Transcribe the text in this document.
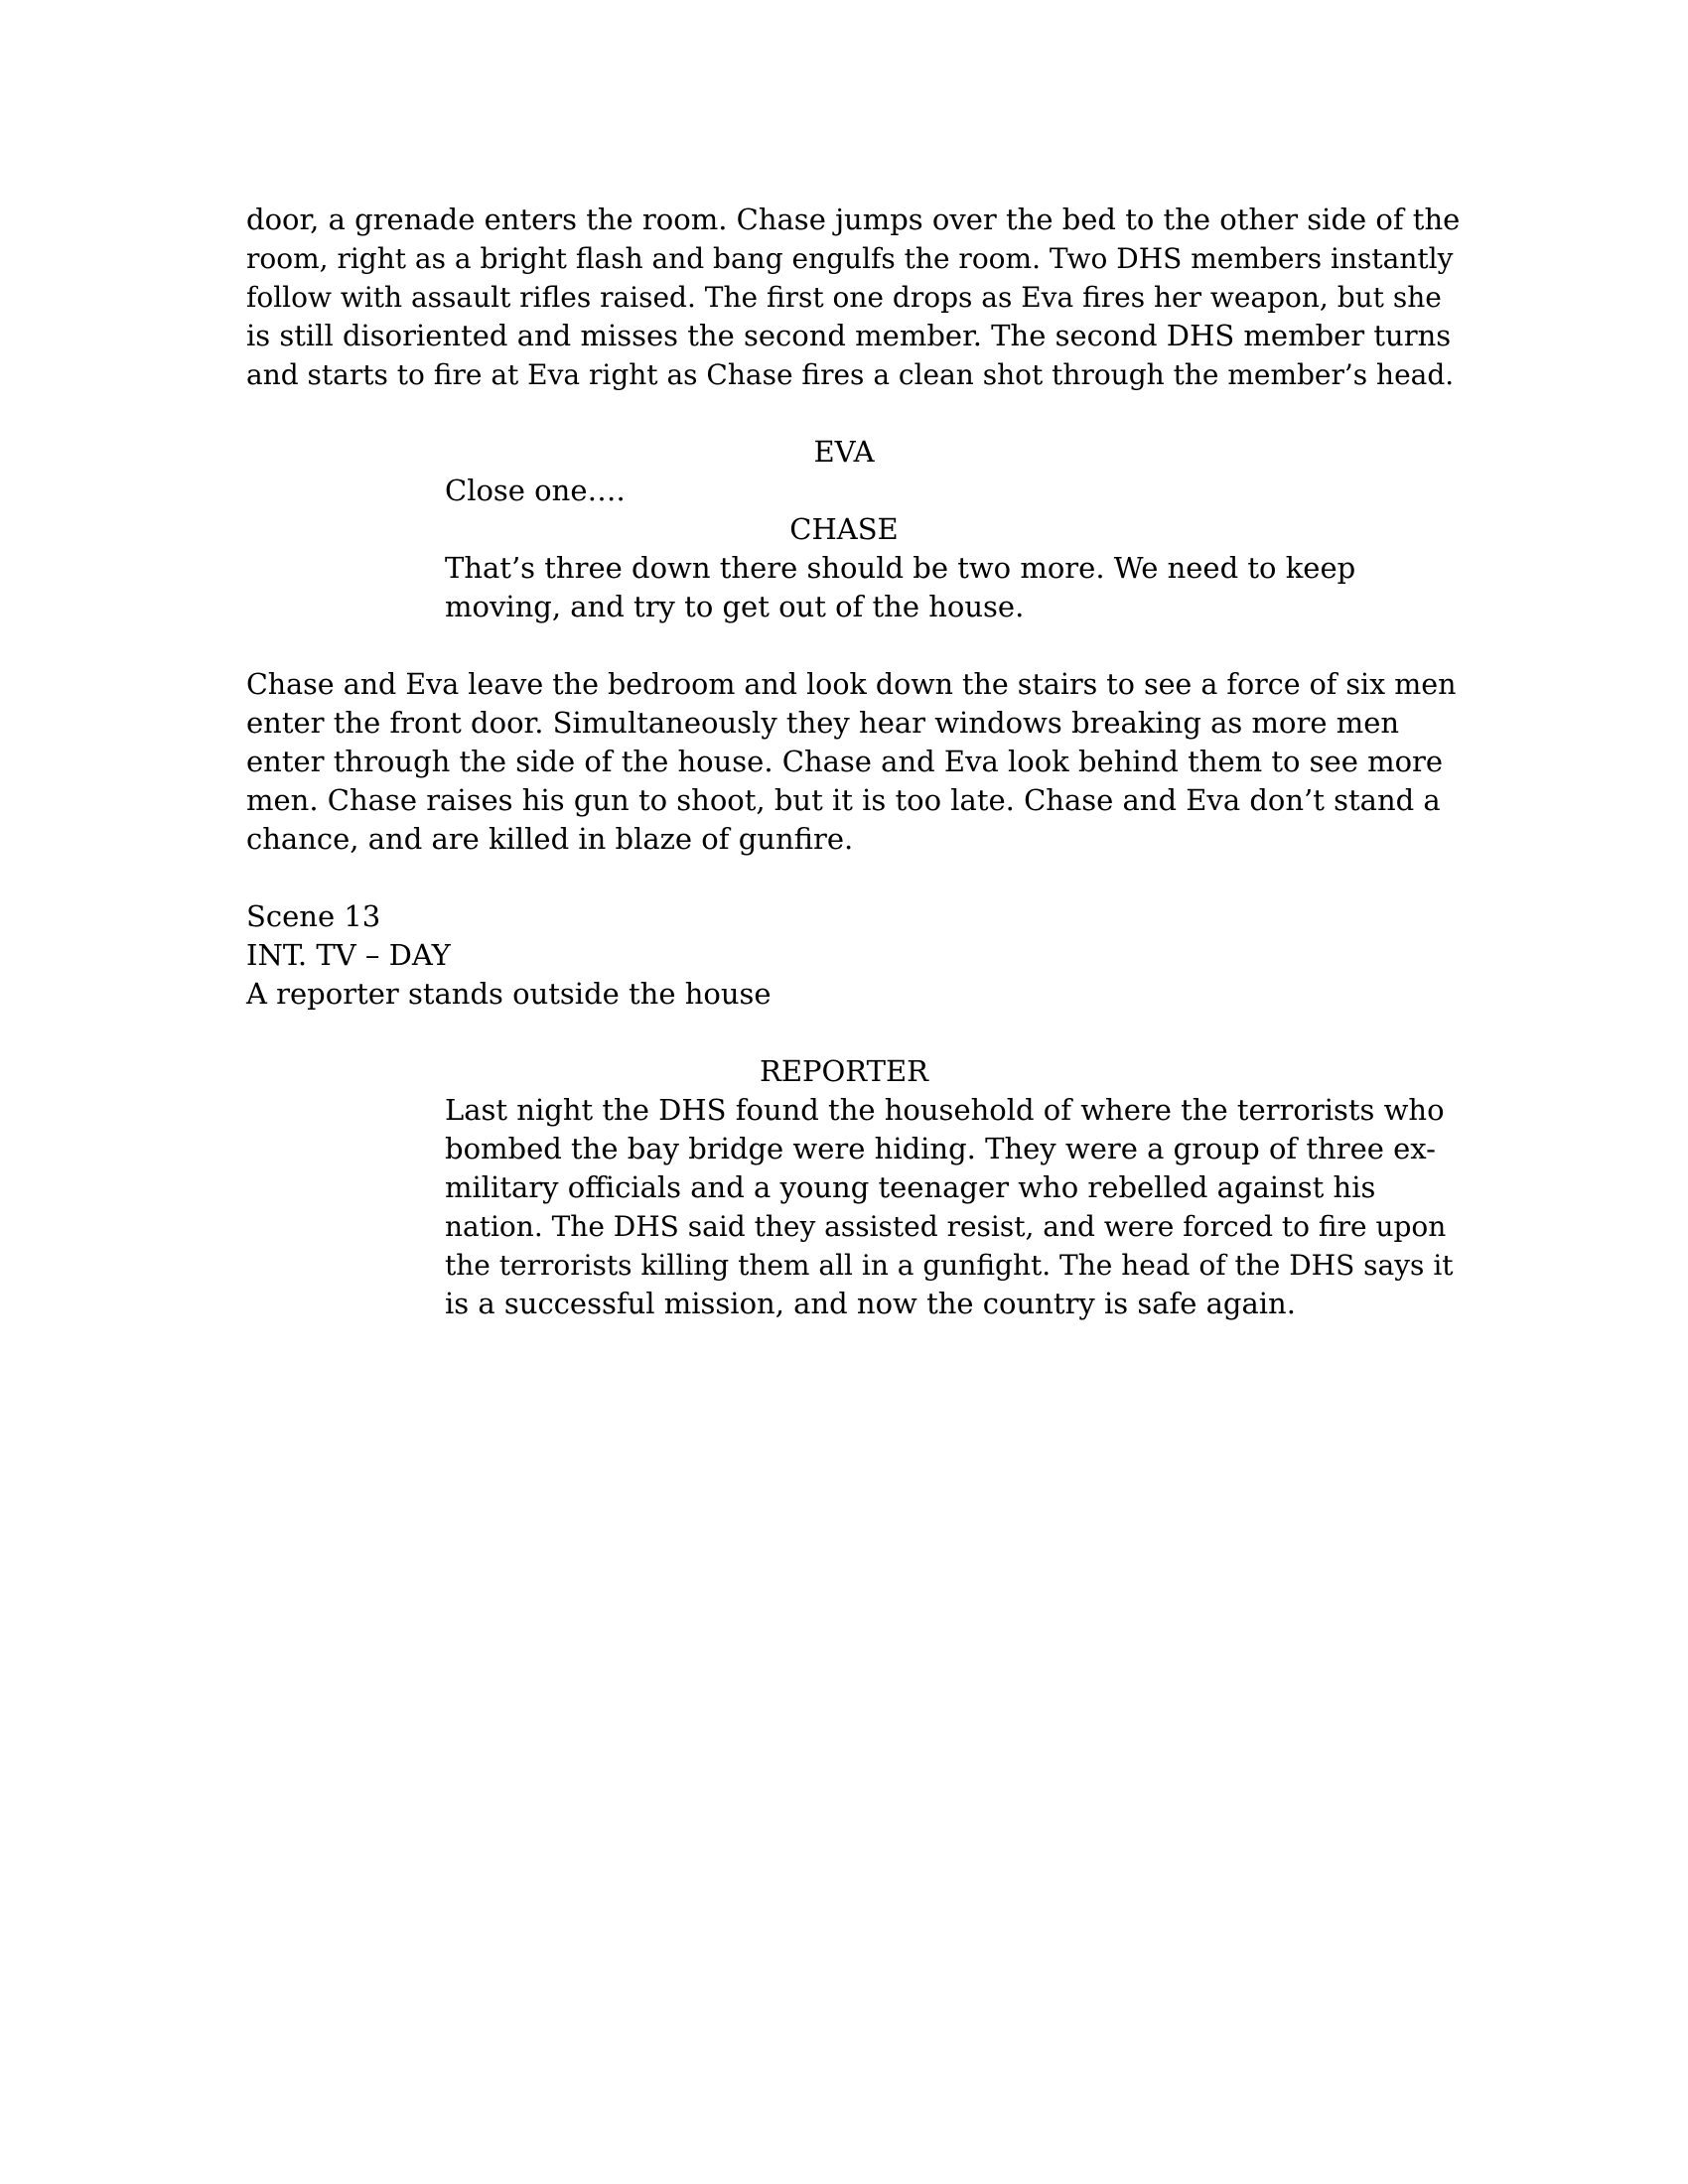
door, a grenade enters the room. Chase jumps over the bed to the other side of the
room, right as a bright flash and bang engulfs the room. Two DHS members instantly
follow with assault rifles raised. The first one drops as Eva fires her weapon, but she
is still disoriented and misses the second member. The second DHS member turns
and starts to fire at Eva right as Chase fires a clean shot through the member’s head.
EVA
Close one….
CHASE
That’s three down there should be two more. We need to keep
moving, and try to get out of the house.
Chase and Eva leave the bedroom and look down the stairs to see a force of six men
enter the front door. Simultaneously they hear windows breaking as more men
enter through the side of the house. Chase and Eva look behind them to see more
men. Chase raises his gun to shoot, but it is too late. Chase and Eva don’t stand a
chance, and are killed in blaze of gunfire.
Scene 13
INT. TV – DAY
A reporter stands outside the house
REPORTER
Last night the DHS found the household of where the terrorists who
bombed the bay bridge were hiding. They were a group of three ex-
military officials and a young teenager who rebelled against his
nation. The DHS said they assisted resist, and were forced to fire upon
the terrorists killing them all in a gunfight. The head of the DHS says it
is a successful mission, and now the country is safe again.
